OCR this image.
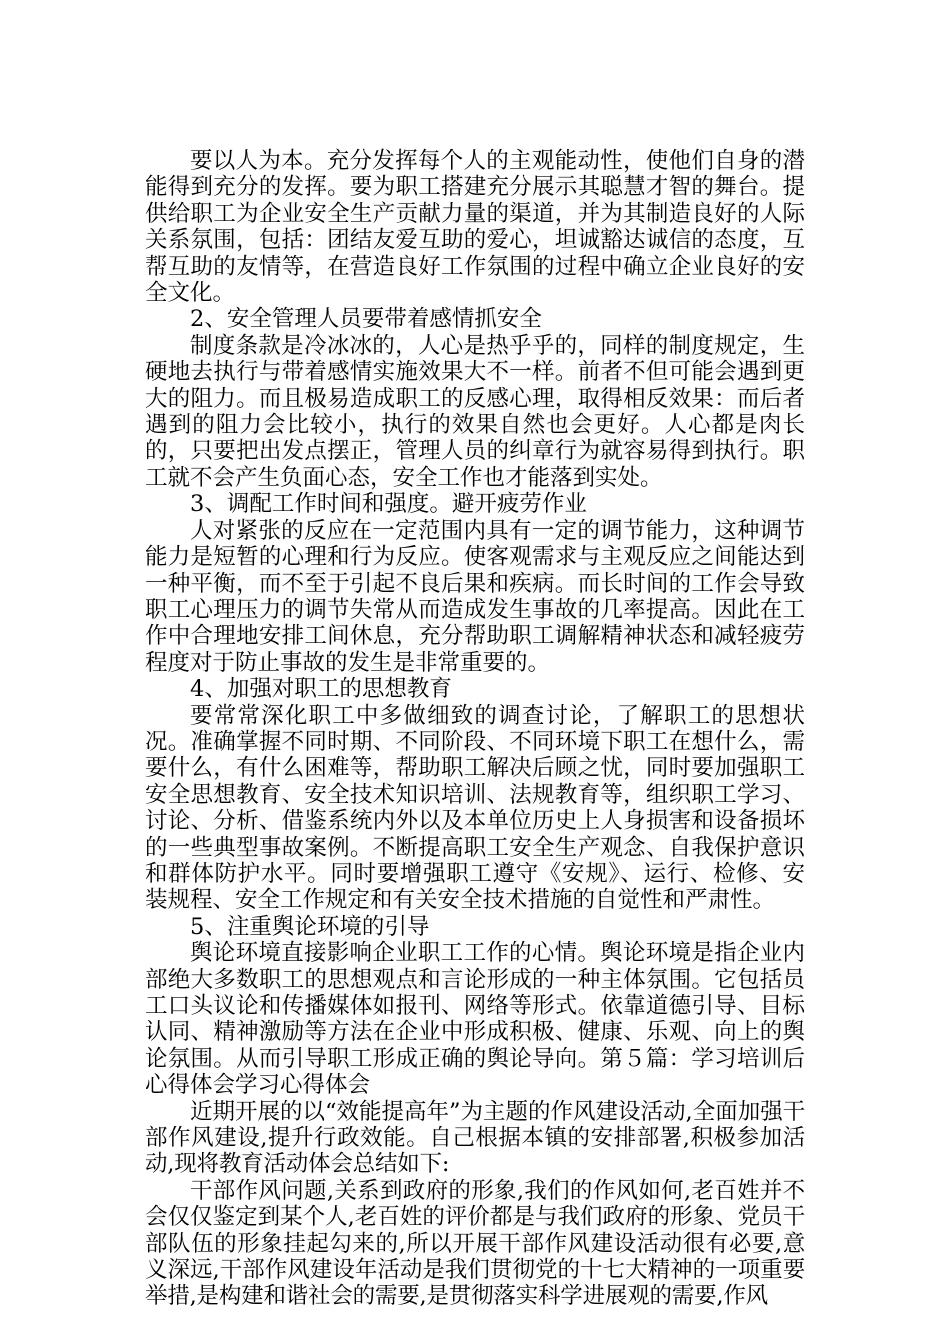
要以人为本。充分发挥每个人的主观能动性，使他们自身的潜能得到充分的发挥。要为职工搭建充分展示其聪慧才智的舞台。提供给职工为企业安全生产贡献力量的渠道，并为其制造良好的人际关系氛围，包括：团结友爱互助的爱心，坦诚豁达诚信的态度，互帮互助的友情等，在营造良好工作氛围的过程中确立企业良好的安全文化。

2、安全管理人员要带着感情抓安全

制度条款是冷冰冰的，人心是热乎乎的，同样的制度规定，生硬地去执行与带着感情实施效果大不一样。前者不但可能会遇到更大的阻力。而且极易造成职工的反感心理，取得相反效果：而后者遇到的阻力会比较小，执行的效果自然也会更好。人心都是肉长的，只要把出发点摆正，管理人员的纠章行为就容易得到执行。职工就不会产生负面心态，安全工作也才能落到实处。

3、调配工作时间和强度。避开疲劳作业

人对紧张的反应在一定范围内具有一定的调节能力，这种调节能力是短暂的心理和行为反应。使客观需求与主观反应之间能达到一种平衡，而不至于引起不良后果和疾病。而长时间的工作会导致职工心理压力的调节失常从而造成发生事故的几率提高。因此在工作中合理地安排工间休息，充分帮助职工调解精神状态和减轻疲劳程度对于防止事故的发生是非常重要的。

4、加强对职工的思想教育

要常常深化职工中多做细致的调查讨论，了解职工的思想状况。准确掌握不同时期、不同阶段、不同环境下职工在想什么，需要什么，有什么困难等，帮助职工解决后顾之忧，同时要加强职工安全思想教育、安全技术知识培训、法规教育等，组织职工学习、讨论、分析、借鉴系统内外以及本单位历史上人身损害和设备损坏的一些典型事故案例。不断提高职工安全生产观念、自我保护意识和群体防护水平。同时要增强职工遵守《安规》、运行、检修、安装规程、安全工作规定和有关安全技术措施的自觉性和严肃性。

5、注重舆论环境的引导

舆论环境直接影响企业职工工作的心情。舆论环境是指企业内部绝大多数职工的思想观点和言论形成的一种主体氛围。它包括员工口头议论和传播媒体如报刊、网络等形式。依靠道德引导、目标认同、精神激励等方法在企业中形成积极、健康、乐观、向上的舆论氛围。从而引导职工形成正确的舆论导向。第５篇：学习培训后心得体会学习心得体会

近期开展的以“效能提高年”为主题的作风建设活动,全面加强干部作风建设,提升行政效能。自己根据本镇的安排部署,积极参加活动,现将教育活动体会总结如下:

干部作风问题,关系到政府的形象,我们的作风如何,老百姓并不会仅仅鉴定到某个人,老百姓的评价都是与我们政府的形象、党员干部队伍的形象挂起勾来的,所以开展干部作风建设活动很有必要,意义深远,干部作风建设年活动是我们贯彻党的十七大精神的一项重要举措,是构建和谐社会的需要,是贯彻落实科学进展观的需要,作风
